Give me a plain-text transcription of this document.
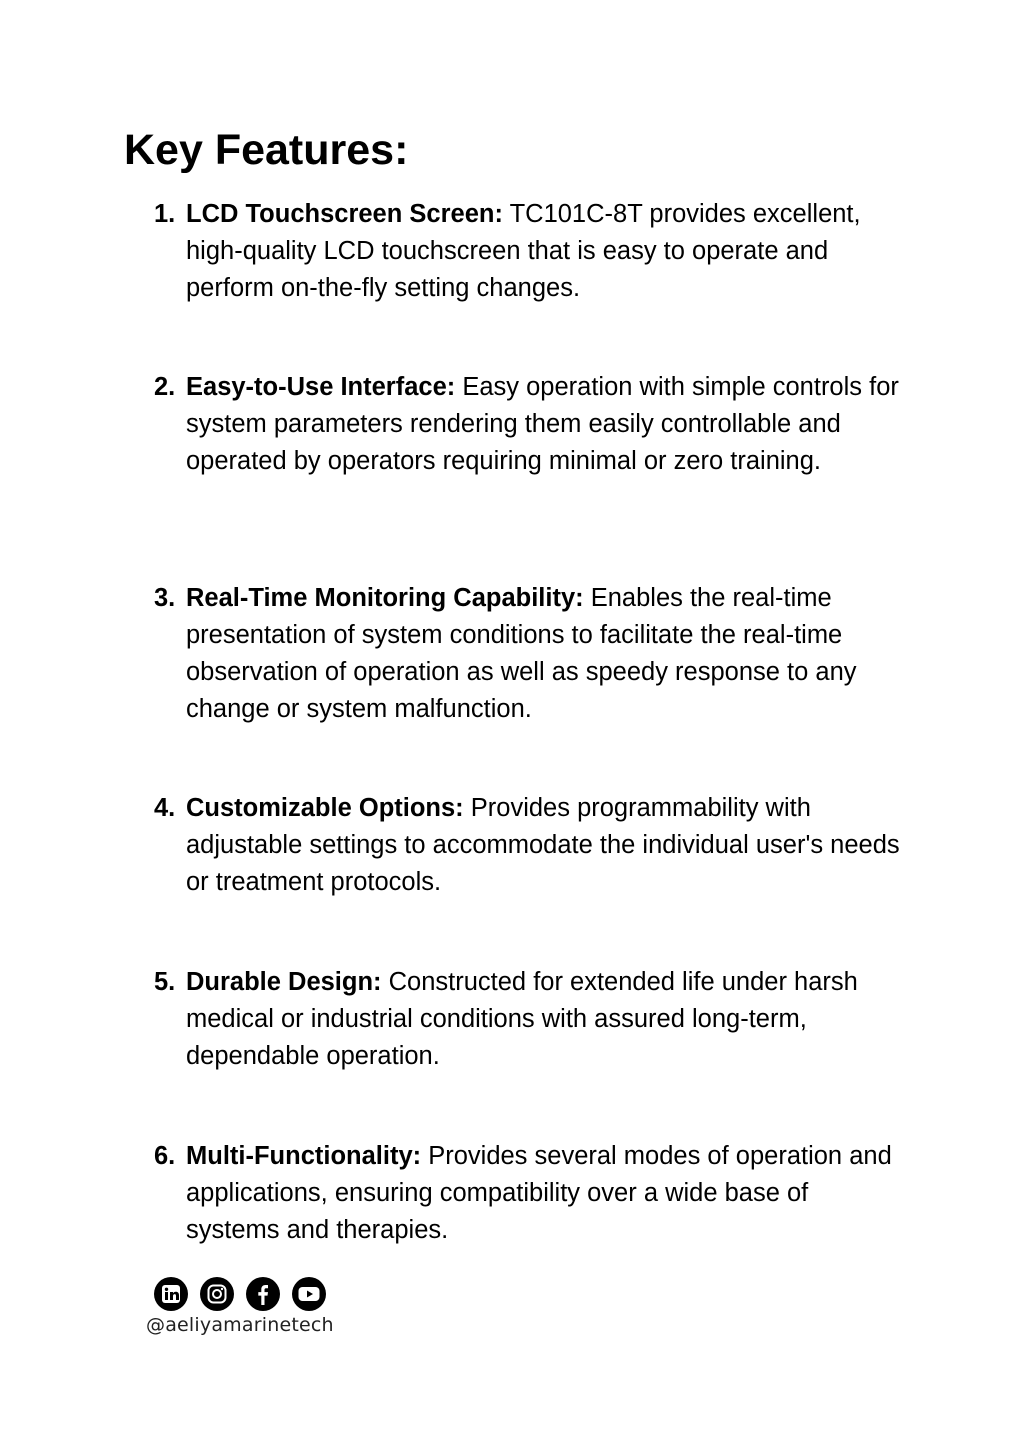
Key Features:
1. LCD Touchscreen Screen: TC101C-8T provides excellent, high-quality LCD touchscreen that is easy to operate and perform on-the-fly setting changes.
2. Easy-to-Use Interface: Easy operation with simple controls for system parameters rendering them easily controllable and operated by operators requiring minimal or zero training.
3. Real-Time Monitoring Capability: Enables the real-time presentation of system conditions to facilitate the real-time observation of operation as well as speedy response to any change or system malfunction.
4. Customizable Options: Provides programmability with adjustable settings to accommodate the individual user's needs or treatment protocols.
5. Durable Design: Constructed for extended life under harsh medical or industrial conditions with assured long-term, dependable operation.
6. Multi-Functionality: Provides several modes of operation and applications, ensuring compatibility over a wide base of systems and therapies.
@aeliyamarinetech
